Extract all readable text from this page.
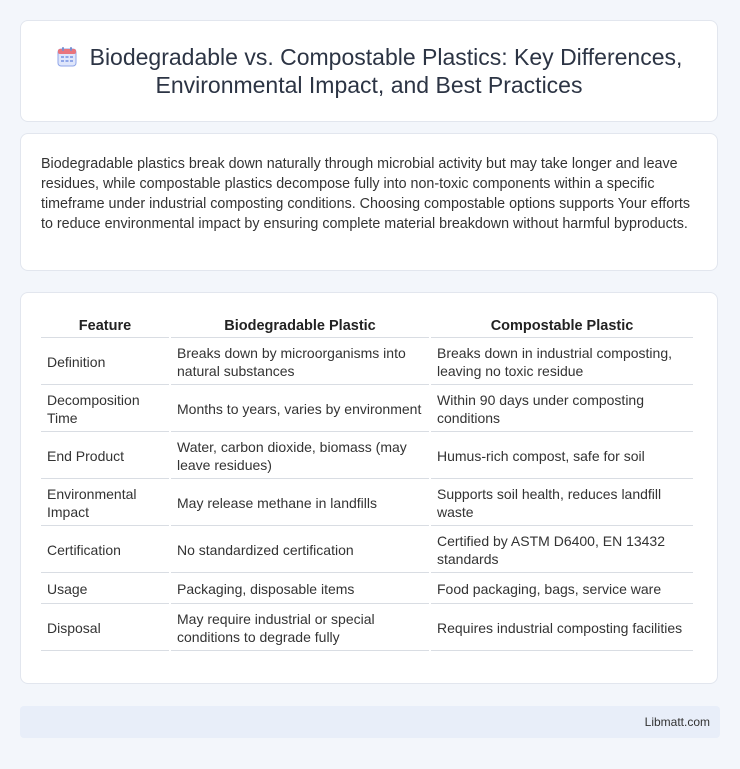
Biodegradable vs. Compostable Plastics: Key Differences, Environmental Impact, and Best Practices

Biodegradable plastics break down naturally through microbial activity but may take longer and leave residues, while compostable plastics decompose fully into non-toxic components within a specific timeframe under industrial composting conditions. Choosing compostable options supports Your efforts to reduce environmental impact by ensuring complete material breakdown without harmful byproducts.

Feature	Biodegradable Plastic	Compostable Plastic
Definition	Breaks down by microorganisms into natural substances	Breaks down in industrial composting, leaving no toxic residue
Decomposition Time	Months to years, varies by environment	Within 90 days under composting conditions
End Product	Water, carbon dioxide, biomass (may leave residues)	Humus-rich compost, safe for soil
Environmental Impact	May release methane in landfills	Supports soil health, reduces landfill waste
Certification	No standardized certification	Certified by ASTM D6400, EN 13432 standards
Usage	Packaging, disposable items	Food packaging, bags, service ware
Disposal	May require industrial or special conditions to degrade fully	Requires industrial composting facilities
Libmatt.com
